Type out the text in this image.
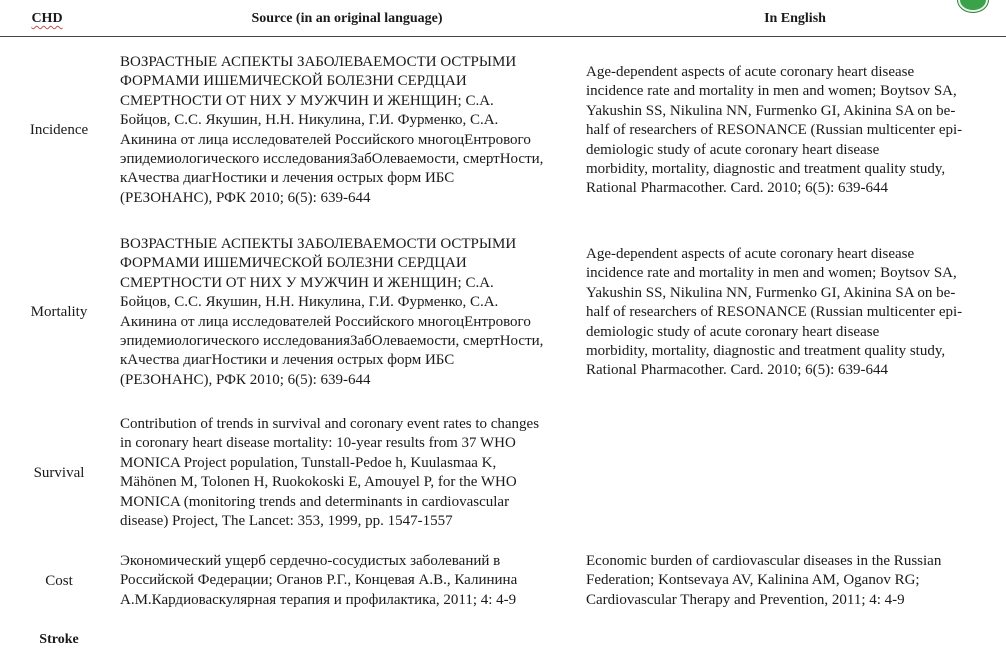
CHD	Source (in an original language)	In English
Incidence
ВОЗРАСТНЫЕ АСПЕКТЫ ЗАБОЛЕВАЕМОСТИ ОСТРЫМИ
ФОРМАМИ ИШЕМИЧЕСКОЙ БОЛЕЗНИ СЕРДЦАИ
СМЕРТНОСТИ ОТ НИХ У МУЖЧИН И ЖЕНЩИН; С.А.
Бойцов, С.С. Якушин, Н.Н. Никулина, Г.И. Фурменко, С.А.
Акинина от лица исследователей Российского многоцЕнтрового
эпидемиологического исследованияЗабОлеваемости, смертНости,
кАчества диагНостики и лечения острых форм ИБС
(РЕЗОНАНС), РФК 2010; 6(5): 639-644
Age-dependent aspects of acute coronary heart disease
incidence rate and mortality in men and women; Boytsov SA,
Yakushin SS, Nikulina NN, Furmenko GI, Akinina SA on be-
half of researchers of RESONANCE (Russian multicenter epi-
demiologic study of acute coronary heart disease
morbidity, mortality, diagnostic and treatment quality study,
Rational Pharmacother. Card. 2010; 6(5): 639-644
Mortality
ВОЗРАСТНЫЕ АСПЕКТЫ ЗАБОЛЕВАЕМОСТИ ОСТРЫМИ
ФОРМАМИ ИШЕМИЧЕСКОЙ БОЛЕЗНИ СЕРДЦАИ
СМЕРТНОСТИ ОТ НИХ У МУЖЧИН И ЖЕНЩИН; С.А.
Бойцов, С.С. Якушин, Н.Н. Никулина, Г.И. Фурменко, С.А.
Акинина от лица исследователей Российского многоцЕнтрового
эпидемиологического исследованияЗабОлеваемости, смертНости,
кАчества диагНостики и лечения острых форм ИБС
(РЕЗОНАНС), РФК 2010; 6(5): 639-644
Age-dependent aspects of acute coronary heart disease
incidence rate and mortality in men and women; Boytsov SA,
Yakushin SS, Nikulina NN, Furmenko GI, Akinina SA on be-
half of researchers of RESONANCE (Russian multicenter epi-
demiologic study of acute coronary heart disease
morbidity, mortality, diagnostic and treatment quality study,
Rational Pharmacother. Card. 2010; 6(5): 639-644
Survival
Contribution of trends in survival and coronary event rates to changes
in coronary heart disease mortality: 10-year results from 37 WHO
MONICA Project population, Tunstall-Pedoe h, Kuulasmaa K,
Mähönen M, Tolonen H, Ruokokoski E, Amouyel P, for the WHO
MONICA (monitoring trends and determinants in cardiovascular
disease) Project, The Lancet: 353, 1999, pp. 1547-1557
Cost
Экономический ущерб сердечно-сосудистых заболеваний в
Российской Федерации; Оганов Р.Г., Концевая А.В., Калинина
А.М.Кардиоваскулярная терапия и профилактика, 2011; 4: 4-9
Economic burden of cardiovascular diseases in the Russian
Federation; Kontsevaya AV, Kalinina AM, Oganov RG;
Cardiovascular Therapy and Prevention, 2011; 4: 4-9
Stroke
